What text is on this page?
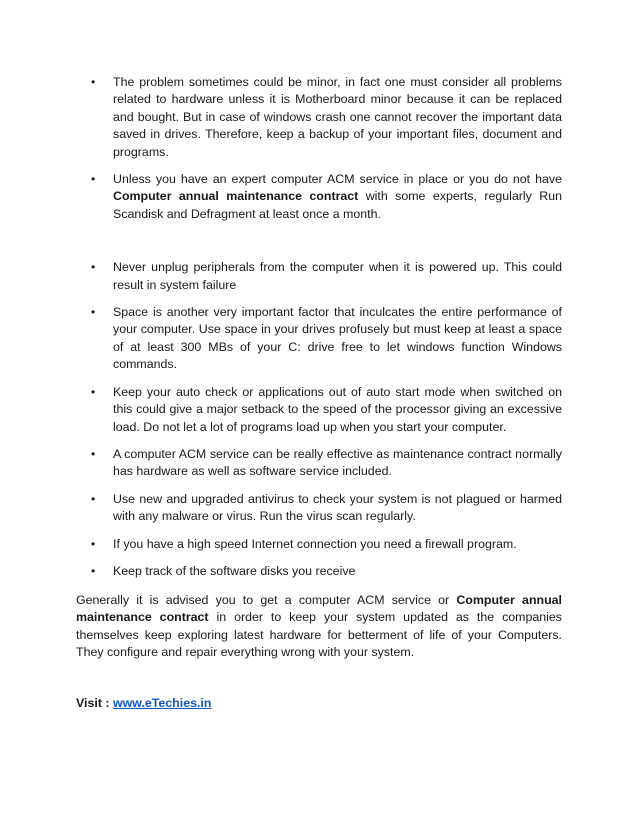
• The problem sometimes could be minor, in fact one must consider all problems related to hardware unless it is Motherboard minor because it can be replaced and bought. But in case of windows crash one cannot recover the important data saved in drives. Therefore, keep a backup of your important files, document and programs.
• Unless you have an expert computer ACM service in place or you do not have Computer annual maintenance contract with some experts, regularly Run Scandisk and Defragment at least once a month.
• Never unplug peripherals from the computer when it is powered up. This could result in system failure
• Space is another very important factor that inculcates the entire performance of your computer. Use space in your drives profusely but must keep at least a space of at least 300 MBs of your C: drive free to let windows function Windows commands.
• Keep your auto check or applications out of auto start mode when switched on this could give a major setback to the speed of the processor giving an excessive load. Do not let a lot of programs load up when you start your computer.
• A computer ACM service can be really effective as maintenance contract normally has hardware as well as software service included.
• Use new and upgraded antivirus to check your system is not plagued or harmed with any malware or virus. Run the virus scan regularly.
• If you have a high speed Internet connection you need a firewall program.
• Keep track of the software disks you receive

Generally it is advised you to get a computer ACM service or Computer annual maintenance contract in order to keep your system updated as the companies themselves keep exploring latest hardware for betterment of life of your Computers. They configure and repair everything wrong with your system.

Visit : www.eTechies.in
